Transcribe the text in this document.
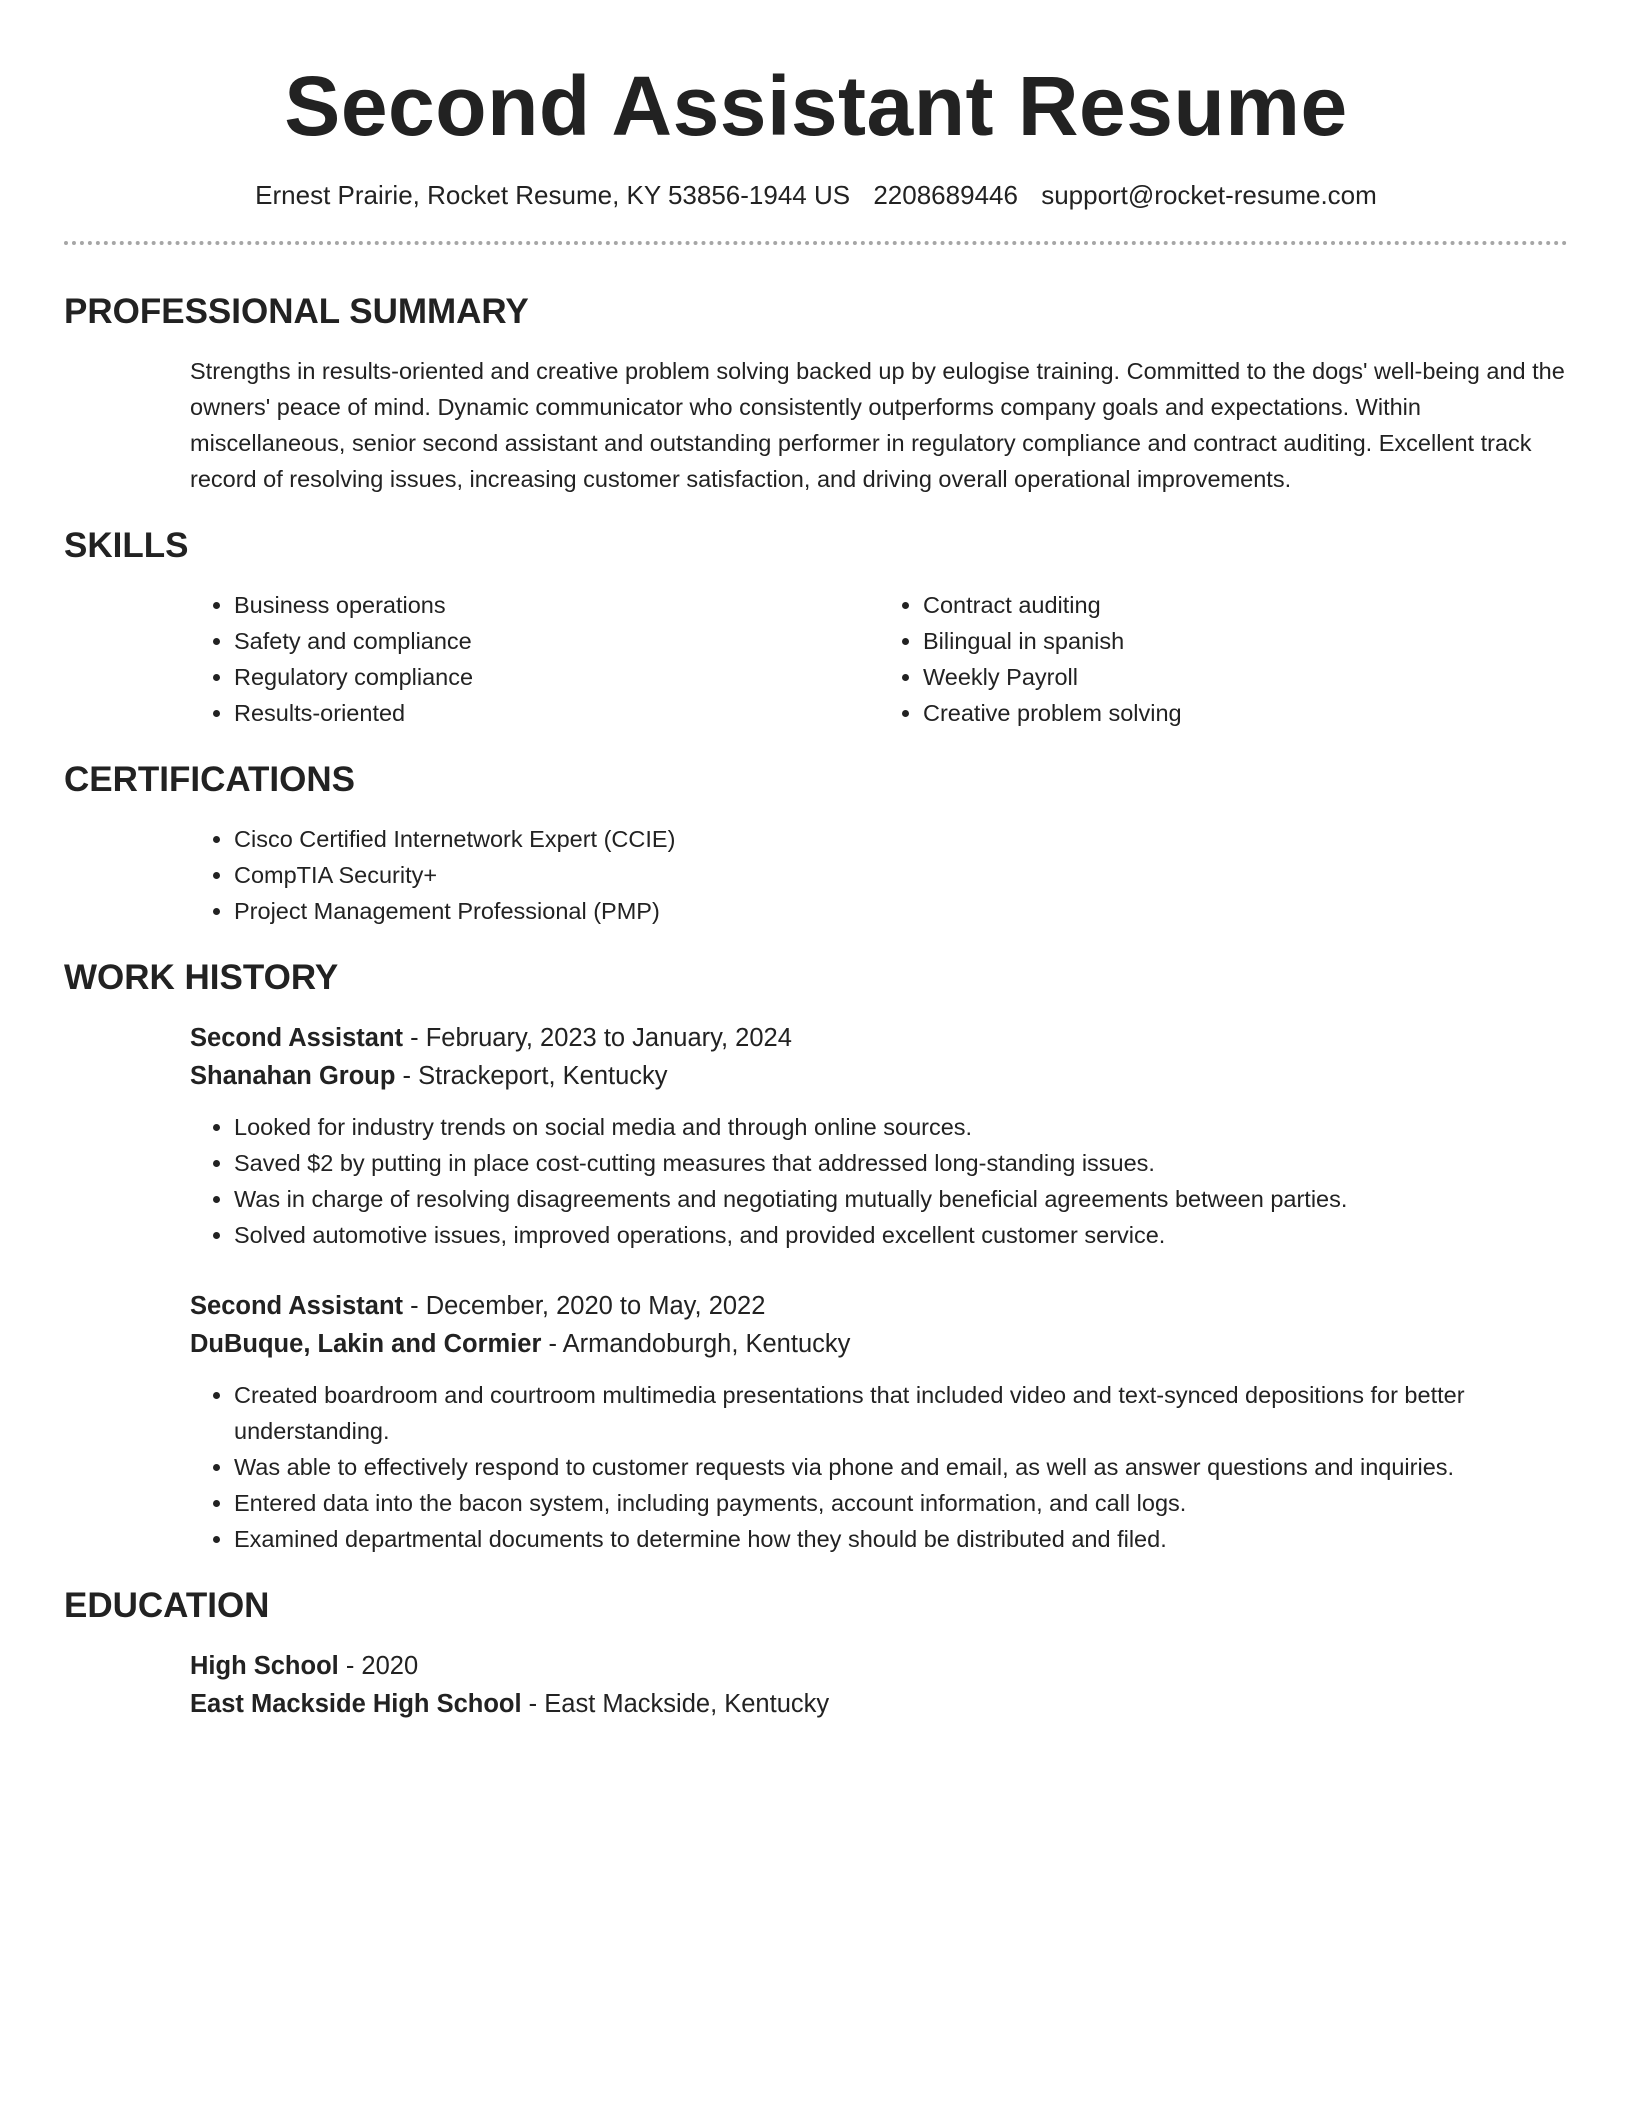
Second Assistant Resume
Ernest Prairie, Rocket Resume, KY 53856-1944 US 2208689446 support@rocket-resume.com
PROFESSIONAL SUMMARY

Strengths in results-oriented and creative problem solving backed up by eulogise training. Committed to the dogs' well-being and the owners' peace of mind. Dynamic communicator who consistently outperforms company goals and expectations. Within miscellaneous, senior second assistant and outstanding performer in regulatory compliance and contract auditing. Excellent track record of resolving issues, increasing customer satisfaction, and driving overall operational improvements.

SKILLS
• Business operations
• Safety and compliance
• Regulatory compliance
• Results-oriented
• Contract auditing
• Bilingual in spanish
• Weekly Payroll
• Creative problem solving
CERTIFICATIONS
• Cisco Certified Internetwork Expert (CCIE)
• CompTIA Security+
• Project Management Professional (PMP)
WORK HISTORY
Second Assistant - February, 2023 to January, 2024
Shanahan Group - Strackeport, Kentucky
• Looked for industry trends on social media and through online sources.
• Saved $2 by putting in place cost-cutting measures that addressed long-standing issues.
• Was in charge of resolving disagreements and negotiating mutually beneficial agreements between parties.
• Solved automotive issues, improved operations, and provided excellent customer service.
Second Assistant - December, 2020 to May, 2022
DuBuque, Lakin and Cormier - Armandoburgh, Kentucky
• Created boardroom and courtroom multimedia presentations that included video and text-synced depositions for better understanding.
• Was able to effectively respond to customer requests via phone and email, as well as answer questions and inquiries.
• Entered data into the bacon system, including payments, account information, and call logs.
• Examined departmental documents to determine how they should be distributed and filed.
EDUCATION
High School - 2020
East Mackside High School - East Mackside, Kentucky
